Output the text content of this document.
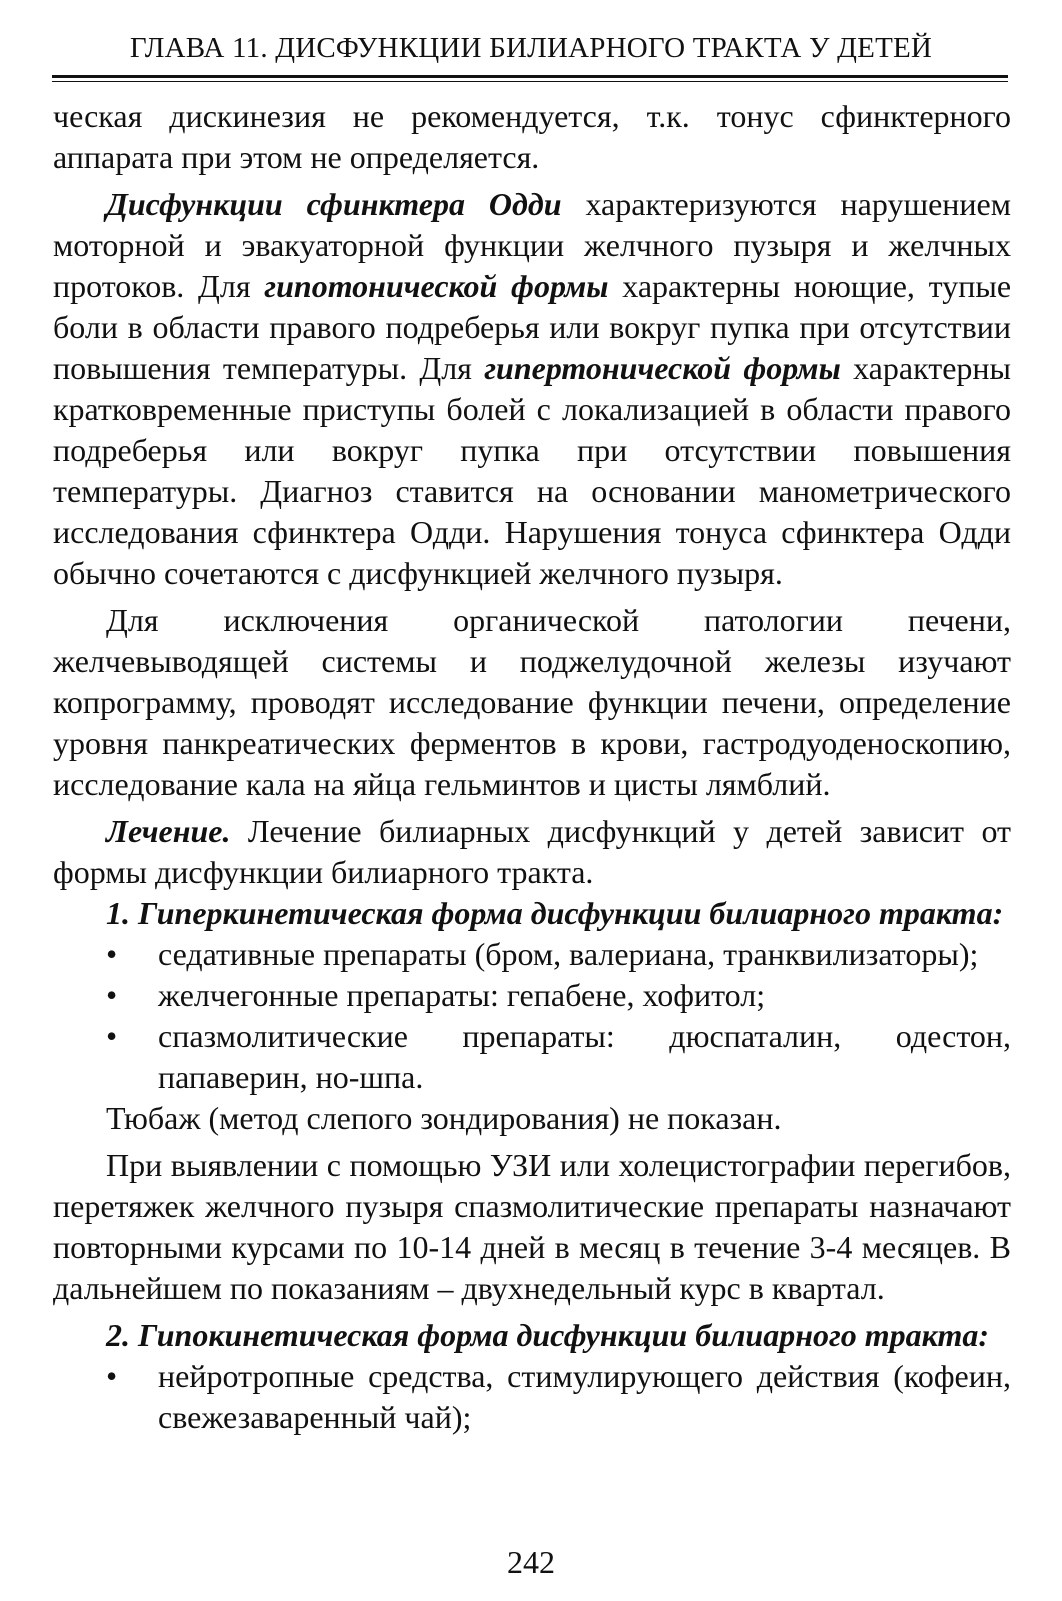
ГЛАВА 11. ДИСФУНКЦИИ БИЛИАРНОГО ТРАКТА У ДЕТЕЙ

ческая дискинезия не рекомендуется, т.к. тонус сфинктерного аппарата при этом не определяется.

Дисфункции сфинктера Одди характеризуются нарушением моторной и эвакуаторной функции желчного пузыря и желчных протоков. Для гипотонической формы характерны ноющие, тупые боли в области правого подреберья или вокруг пупка при отсутствии повышения температуры. Для гипертонической формы характерны кратковременные приступы болей с локализацией в области правого подреберья или вокруг пупка при отсутствии повышения температуры. Диагноз ставится на основании манометрического исследования сфинктера Одди. Нарушения тонуса сфинктера Одди обычно сочетаются с дисфункцией желчного пузыря.

Для исключения органической патологии печени, желчевыводящей системы и поджелудочной железы изучают копрограмму, проводят исследование функции печени, определение уровня панкреатических ферментов в крови, гастродуоденоскопию, исследование кала на яйца гельминтов и цисты лямблий.

Лечение. Лечение билиарных дисфункций у детей зависит от формы дисфункции билиарного тракта.

1. Гиперкинетическая форма дисфункции билиарного тракта:

• седативные препараты (бром, валериана, транквилизаторы);
• желчегонные препараты: гепабене, хофитол;
• спазмолитические препараты: дюспаталин, одестон, папаверин, но-шпа.

Тюбаж (метод слепого зондирования) не показан.

При выявлении с помощью УЗИ или холецистографии перегибов, перетяжек желчного пузыря спазмолитические препараты назначают повторными курсами по 10-14 дней в месяц в течение 3-4 месяцев. В дальнейшем по показаниям – двухнедельный курс в квартал.

2. Гипокинетическая форма дисфункции билиарного тракта:

• нейротропные средства, стимулирующего действия (кофеин, свежезаваренный чай);
242
